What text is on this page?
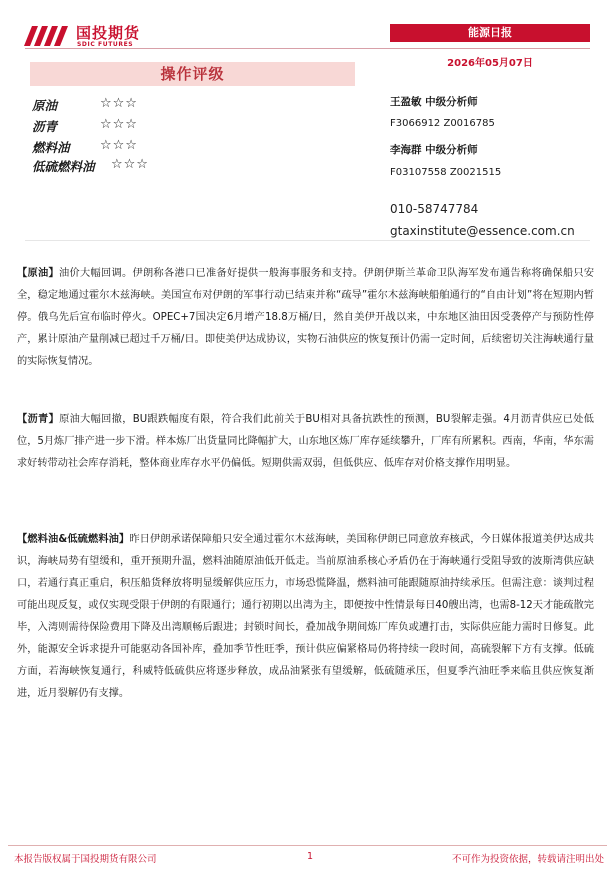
国投期货
SDIC FUTURES
能源日报
2026年05月07日
操作评级
原油	☆☆☆
沥青	☆☆☆
燃料油 ☆☆☆
低硫燃料油 ☆☆☆
王盈敏 中级分析师
F3066912 Z0016785
李海群 中级分析师
F03107558 Z0021515
010-58747784
gtaxinstitute@essence.com.cn
【原油】油价大幅回调。伊朗称各港口已准备好提供一般海事服务和支持。伊朗伊斯兰革命卫队海军发布通告称将确保船只安全，稳定地通过霍尔木兹海峡。美国宣布对伊朗的军事行动已结束并称“疏导”霍尔木兹海峡船舶通行的“自由计划”将在短期内暂停。俄乌先后宣布临时停火。OPEC+7国决定6月增产18.8万桶/日，然自美伊开战以来，中东地区油田因受袭停产与预防性停产，累计原油产量削减已超过千万桶/日。即使美伊达成协议，实物石油供应的恢复预计仍需一定时间，后续密切关注海峡通行量的实际恢复情况。
【沥青】原油大幅回撤，BU跟跌幅度有限，符合我们此前关于BU相对具备抗跌性的预测，BU裂解走强。4月沥青供应已处低位，5月炼厂排产进一步下滑。样本炼厂出货量同比降幅扩大，山东地区炼厂库存延续攀升，厂库有所累积。西南，华南，华东需求好转带动社会库存消耗，整体商业库存水平仍偏低。短期供需双弱，但低供应、低库存对价格支撑作用明显。
【燃料油&低硫燃料油】昨日伊朗承诺保障船只安全通过霍尔木兹海峡，美国称伊朗已同意放弃核武，今日媒体报道美伊达成共识，海峡局势有望缓和，重开预期升温，燃料油随原油低开低走。当前原油系核心矛盾仍在于海峡通行受阻导致的波斯湾供应缺口，若通行真正重启，积压船货释放将明显缓解供应压力，市场恐慌降温，燃料油可能跟随原油持续承压。但需注意：谈判过程可能出现反复，或仅实现受限于伊朗的有限通行；通行初期以出湾为主，即便按中性情景每日40艘出湾，也需8-12天才能疏散完毕，入湾则需待保险费用下降及出湾顺畅后跟进；封锁时间长，叠加战争期间炼厂库负或遭打击，实际供应能力需时日修复。此外，能源安全诉求提升可能驱动各国补库，叠加季节性旺季，预计供应偏紧格局仍将持续一段时间，高硫裂解下方有支撑。低硫方面，若海峡恢复通行，科威特低硫供应将逐步释放，成品油紧张有望缓解，低硫随承压，但夏季汽油旺季来临且供应恢复渐进，近月裂解仍有支撑。
本报告版权属于国投期货有限公司	1	不可作为投资依据，转载请注明出处
